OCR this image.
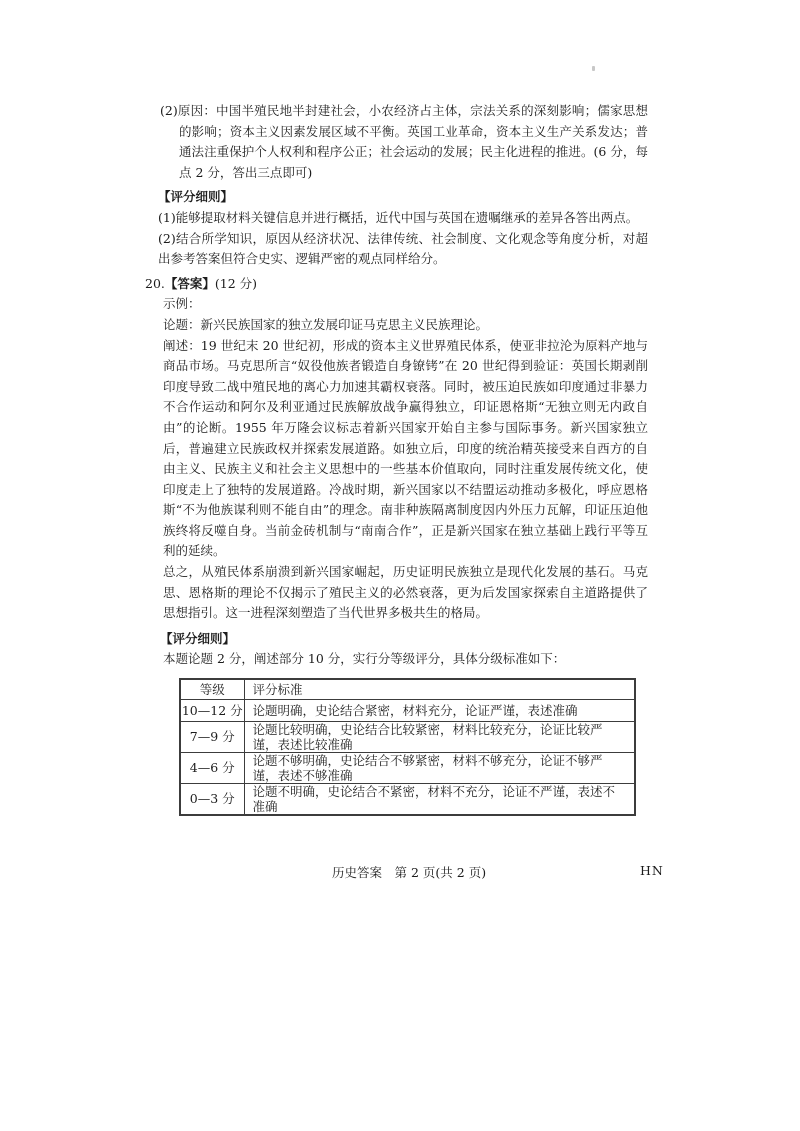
(2)原因：中国半殖民地半封建社会，小农经济占主体，宗法关系的深刻影响；儒家思想的影响；资本主义因素发展区域不平衡。英国工业革命，资本主义生产关系发达；普通法注重保护个人权利和程序公正；社会运动的发展；民主化进程的推进。(6 分，每点 2 分，答出三点即可)

【评分细则】

(1)能够提取材料关键信息并进行概括，近代中国与英国在遗嘱继承的差异各答出两点。

(2)结合所学知识，原因从经济状况、法律传统、社会制度、文化观念等角度分析，对超出参考答案但符合史实、逻辑严密的观点同样给分。

20.【答案】(12 分)

示例：

论题：新兴民族国家的独立发展印证马克思主义民族理论。

阐述：19 世纪末 20 世纪初，形成的资本主义世界殖民体系，使亚非拉沦为原料产地与商品市场。马克思所言“奴役他族者锻造自身镣铐”在 20 世纪得到验证：英国长期剥削印度导致二战中殖民地的离心力加速其霸权衰落。同时，被压迫民族如印度通过非暴力不合作运动和阿尔及利亚通过民族解放战争赢得独立，印证恩格斯“无独立则无内政自由”的论断。1955 年万隆会议标志着新兴国家开始自主参与国际事务。新兴国家独立后，普遍建立民族政权并探索发展道路。如独立后，印度的统治精英接受来自西方的自由主义、民族主义和社会主义思想中的一些基本价值取向，同时注重发展传统文化，使印度走上了独特的发展道路。冷战时期，新兴国家以不结盟运动推动多极化，呼应恩格斯“不为他族谋利则不能自由”的理念。南非种族隔离制度因内外压力瓦解，印证压迫他族终将反噬自身。当前金砖机制与“南南合作”，正是新兴国家在独立基础上践行平等互利的延续。

总之，从殖民体系崩溃到新兴国家崛起，历史证明民族独立是现代化发展的基石。马克思、恩格斯的理论不仅揭示了殖民主义的必然衰落，更为后发国家探索自主道路提供了思想指引。这一进程深刻塑造了当代世界多极共生的格局。

【评分细则】

本题论题 2 分，阐述部分 10 分，实行分等级评分，具体分级标准如下：

等级	评分标准
10—12 分	论题明确，史论结合紧密，材料充分，论证严谨，表述准确
7—9 分	论题比较明确，史论结合比较紧密，材料比较充分，论证比较严谨，表述比较准确
4—6 分	论题不够明确，史论结合不够紧密，材料不够充分，论证不够严谨，表述不够准确
0—3 分	论题不明确，史论结合不紧密，材料不充分，论证不严谨，表述不准确
历史答案　第 2 页(共 2 页)	HN
